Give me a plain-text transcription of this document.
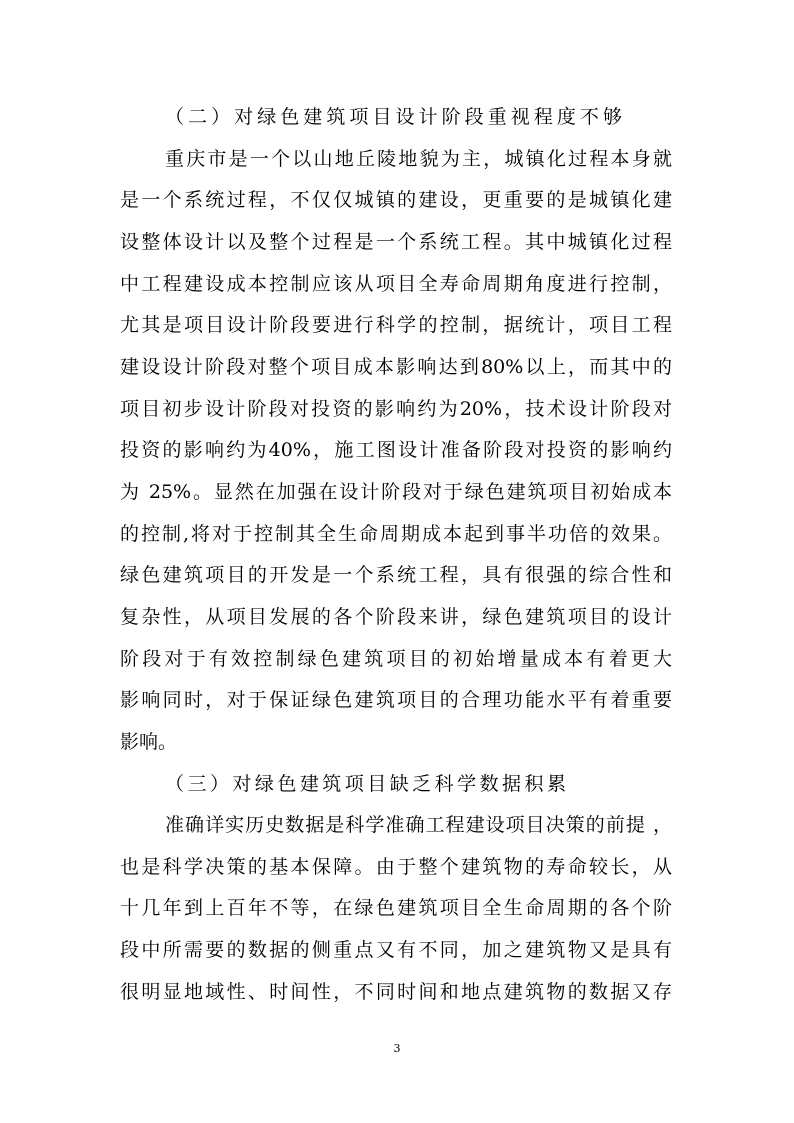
（二）对绿色建筑项目设计阶段重视程度不够
重庆市是一个以山地丘陵地貌为主，城镇化过程本身就
是一个系统过程，不仅仅城镇的建设，更重要的是城镇化建
设整体设计以及整个过程是一个系统工程。其中城镇化过程
中工程建设成本控制应该从项目全寿命周期角度进行控制，
尤其是项目设计阶段要进行科学的控制，据统计，项目工程
建设设计阶段对整个项目成本影响达到80%以上，而其中的
项目初步设计阶段对投资的影响约为20%，技术设计阶段对
投资的影响约为40%，施工图设计准备阶段对投资的影响约
为 25%。显然在加强在设计阶段对于绿色建筑项目初始成本
的控制,将对于控制其全生命周期成本起到事半功倍的效果。
绿色建筑项目的开发是一个系统工程，具有很强的综合性和
复杂性，从项目发展的各个阶段来讲，绿色建筑项目的设计
阶段对于有效控制绿色建筑项目的初始增量成本有着更大
影响同时，对于保证绿色建筑项目的合理功能水平有着重要
影响。
（三）对绿色建筑项目缺乏科学数据积累
准确详实历史数据是科学准确工程建设项目决策的前提 ，
也是科学决策的基本保障。由于整个建筑物的寿命较长，从
十几年到上百年不等，在绿色建筑项目全生命周期的各个阶
段中所需要的数据的侧重点又有不同，加之建筑物又是具有
很明显地域性、时间性，不同时间和地点建筑物的数据又存
3
